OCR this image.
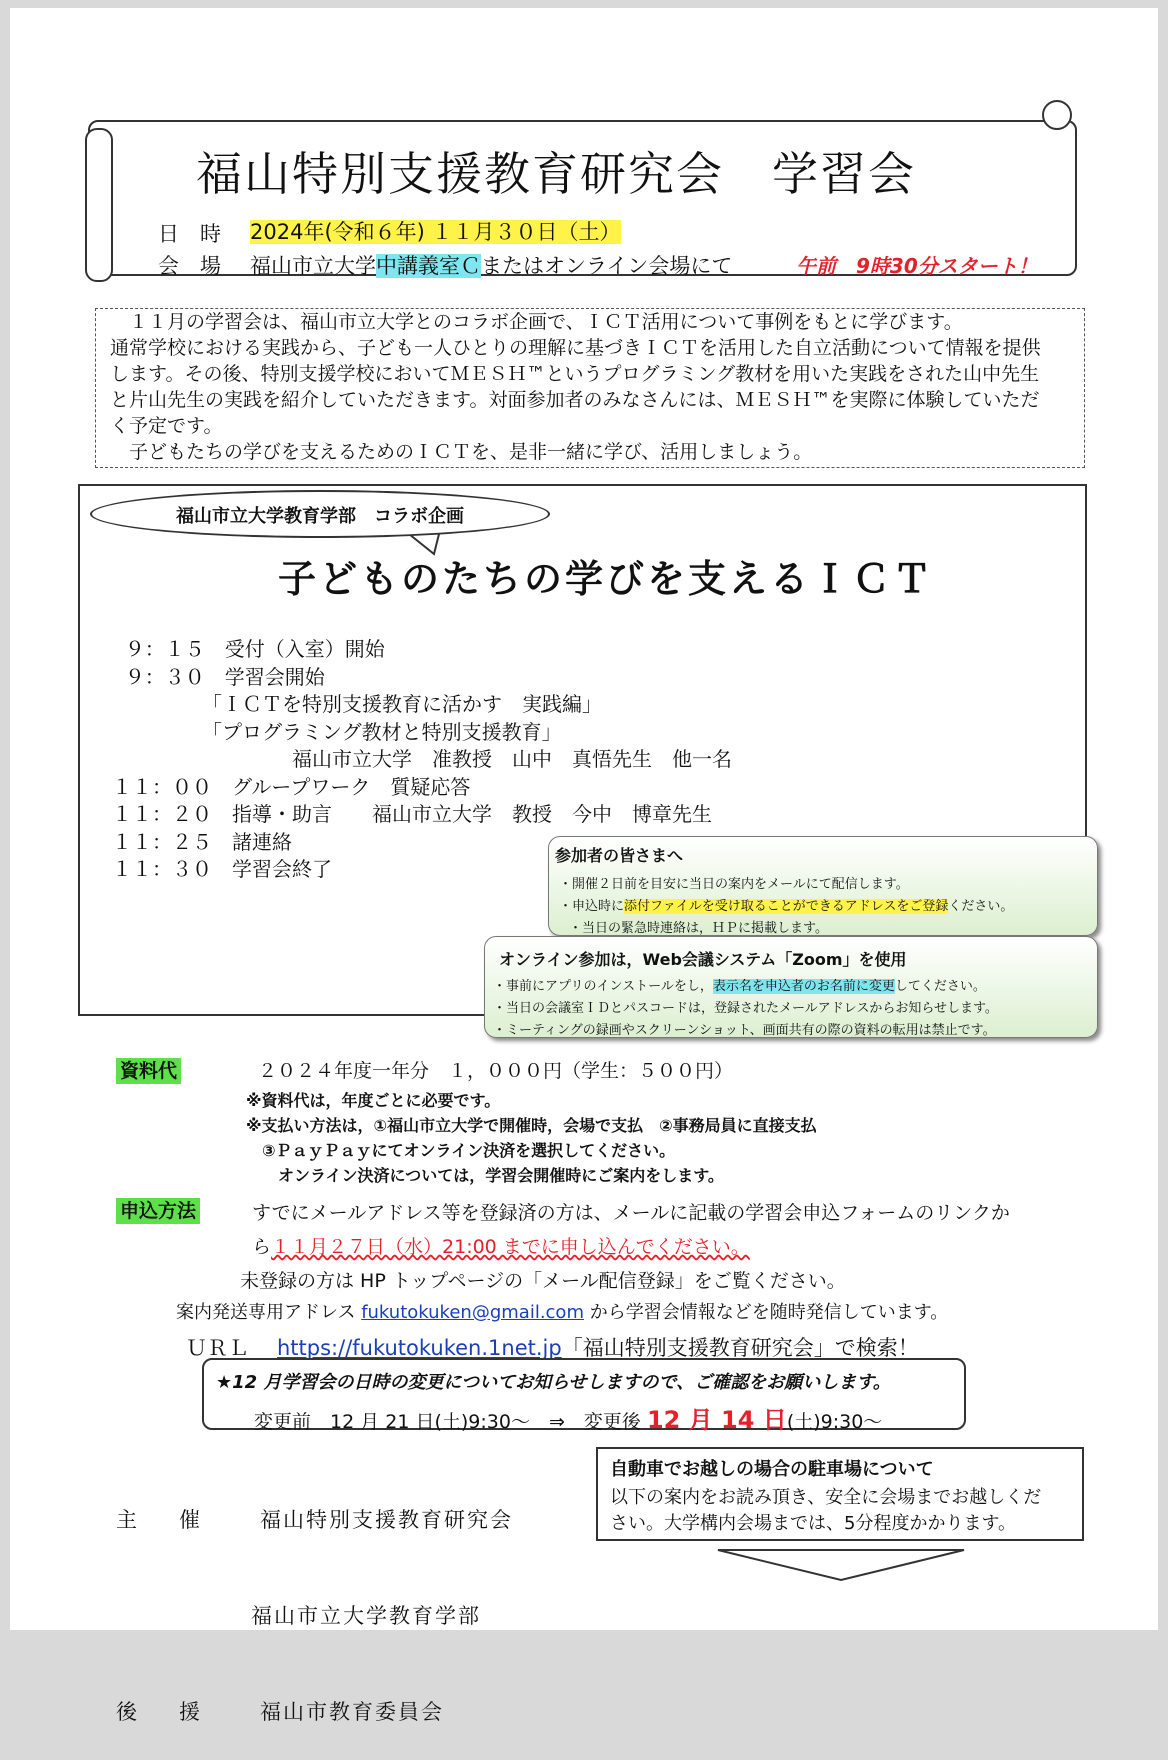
福山特別支援教育研究会　学習会
日　時 2024年(令和６年) １１月３０日（土）
会　場 福山市立大学中講義室Ｃまたはオンライン会場にて	午前　9時30分スタート！

　１１月の学習会は、福山市立大学とのコラボ企画で、ＩＣＴ活用について事例をもとに学びます。

通常学校における実践から、子ども一人ひとりの理解に基づきＩＣＴを活用した自立活動について情報を提供

します。その後、特別支援学校においてＭＥＳＨ™というプログラミング教材を用いた実践をされた山中先生

と片山先生の実践を紹介していただきます。対面参加者のみなさんには、ＭＥＳＨ™を実際に体験していただ

く予定です。

　子どもたちの学びを支えるためのＩＣＴを、是非一緒に学び、活用しましょう。

福山市立大学教育学部　コラボ企画
子どものたちの学びを支えるＩＣＴ
９：１５　受付（入室）開始
９：３０　学習会開始
　　　　　「ＩＣＴを特別支援教育に活かす　実践編」
　　　　　「プログラミング教材と特別支援教育」
　　　　　　　　　福山市立大学　准教授　山中　真悟先生　他一名
１１：００　グループワーク　質疑応答
１１：２０　指導・助言　　福山市立大学　教授　今中　博章先生
１１：２５　諸連絡
１１：３０　学習会終了
参加者の皆さまへ
・開催２日前を目安に当日の案内をメールにて配信します。
・申込時に添付ファイルを受け取ることができるアドレスをご登録ください。
・当日の緊急時連絡は，ＨＰに掲載します。
オンライン参加は，Web会議システム「Zoom」を使用
・事前にアプリのインストールをし，表示名を申込者のお名前に変更してください。
・当日の会議室ＩＤとパスコードは，登録されたメールアドレスからお知らせします。
・ミーティングの録画やスクリーンショット、画面共有の際の資料の転用は禁止です。
資料代	２０２４年度一年分　１，０００円（学生：５００円）
※資料代は，年度ごとに必要です。
※支払い方法は，①福山市立大学で開催時，会場で支払　②事務局員に直接支払
　③ＰａｙＰａｙにてオンライン決済を選択してください。
　　オンライン決済については，学習会開催時にご案内をします。
申込方法	すでにメールアドレス等を登録済の方は、メールに記載の学習会申込フォームのリンクか
ら１１月２７日（水）21:00 までに申し込んでください。
未登録の方は HP トップページの「メール配信登録」をご覧ください。
案内発送専用アドレス fukutokuken@gmail.com から学習会情報などを随時発信しています。
ＵＲＬ https://fukutokuken.1net.jp「福山特別支援教育研究会」で検索！
★12 月学習会の日時の変更についてお知らせしますので、ご確認をお願いします。
変更前　12 月 21 日(土)9:30～　⇒　変更後 12 月 14 日(土)9:30～

主　　催	福山特別支援教育研究会

福山市立大学教育学部

後　　援	福山市教育委員会

自動車でお越しの場合の駐車場について
以下の案内をお読み頂き、安全に会場までお越しくだ
さい。大学構内会場までは、5分程度かかります。
